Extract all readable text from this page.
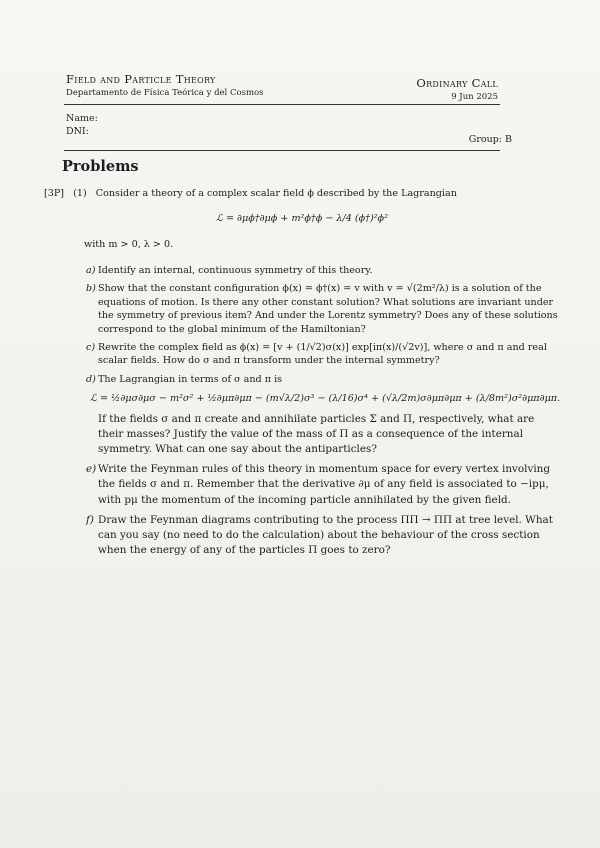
Field and Particle Theory
Departamento de Física Teórica y del Cosmos
Ordinary Call
9 Jun 2025
Name:
DNI:
Group: B
Problems
[3P] (1) Consider a theory of a complex scalar field ϕ described by the Lagrangian
ℒ = ∂μϕ†∂μϕ + m²ϕ†ϕ − λ/4 (ϕ†)²ϕ²
with m > 0, λ > 0.
a) Identify an internal, continuous symmetry of this theory.
b) Show that the constant configuration ϕ(x) = ϕ†(x) = v with v = √(2m²/λ) is a solution of the equations of motion. Is there any other constant solution? What solutions are invariant under the symmetry of previous item? And under the Lorentz symmetry? Does any of these solutions correspond to the global minimum of the Hamiltonian?
c) Rewrite the complex field as ϕ(x) = [v + (1/√2)σ(x)] exp[iπ(x)/(√2v)], where σ and π and real scalar fields. How do σ and π transform under the internal symmetry?
d) The Lagrangian in terms of σ and π is
ℒ = ½∂μσ∂μσ − m²σ² + ½∂μπ∂μπ − (m√λ/2)σ³ − (λ/16)σ⁴ + (√λ/2m)σ∂μπ∂μπ + (λ/8m²)σ²∂μπ∂μπ.
If the fields σ and π create and annihilate particles Σ and Π, respectively, what are their masses? Justify the value of the mass of Π as a consequence of the internal symmetry. What can one say about the antiparticles?
e) Write the Feynman rules of this theory in momentum space for every vertex involving the fields σ and π. Remember that the derivative ∂μ of any field is associated to −ipμ, with pμ the momentum of the incoming particle annihilated by the given field.
f) Draw the Feynman diagrams contributing to the process ΠΠ → ΠΠ at tree level. What can you say (no need to do the calculation) about the behaviour of the cross section when the energy of any of the particles Π goes to zero?
